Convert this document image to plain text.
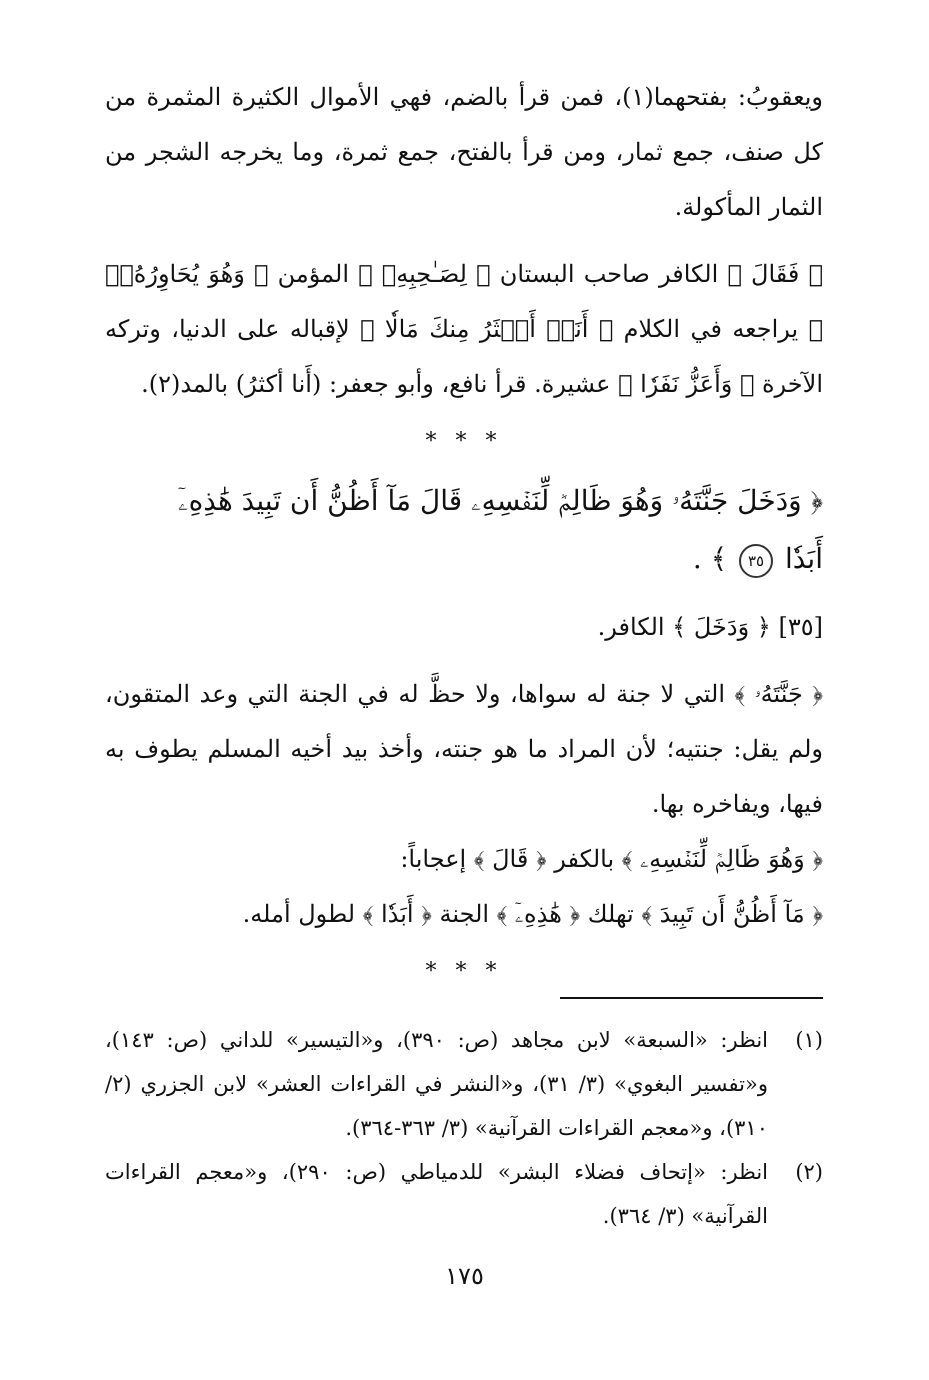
ويعقوبُ: بفتحهما(١)، فمن قرأ بالضم، فهي الأموال الكثيرة المثمرة من كل صنف، جمع ثمار، ومن قرأ بالفتح، جمع ثمرة، وما يخرجه الشجر من الثمار المأكولة.

﴿ فَقَالَ ﴾ الكافر صاحب البستان ﴿ لِصَـٰحِبِهِۦ ﴾ المؤمن ﴿ وَهُوَ يُحَاوِرُهُۥٓ ﴾ يراجعه في الكلام ﴿ أَنَا۠ أَكۡثَرُ مِنكَ مَالٗا ﴾ لإقباله على الدنيا، وتركه الآخرة ﴿ وَأَعَزُّ نَفَرٗا ﴾ عشيرة. قرأ نافع، وأبو جعفر: (أَنا أكثرُ) بالمد(٢).

* * *

﴿ وَدَخَلَ جَنَّتَهُۥ وَهُوَ ظَالِمٞ لِّنَفۡسِهِۦ قَالَ مَآ أَظُنُّ أَن تَبِيدَ هَٰذِهِۦٓ

أَبَدٗا ٣٥ ﴾ .

[٣٥] ﴿ وَدَخَلَ ﴾ الكافر.

﴿ جَنَّتَهُۥ ﴾ التي لا جنة له سواها، ولا حظَّ له في الجنة التي وعد المتقون، ولم يقل: جنتيه؛ لأن المراد ما هو جنته، وأخذ بيد أخيه المسلم يطوف به فيها، ويفاخره بها.

﴿ وَهُوَ ظَالِمٞ لِّنَفۡسِهِۦ ﴾ بالكفر ﴿ قَالَ ﴾ إعجاباً:

﴿ مَآ أَظُنُّ أَن تَبِيدَ ﴾ تهلك ﴿ هَٰذِهِۦٓ ﴾ الجنة ﴿ أَبَدٗا ﴾ لطول أمله.

* * *
(١)
انظر: «السبعة» لابن مجاهد (ص: ٣٩٠)، و«التيسير» للداني (ص: ١٤٣)، و«تفسير البغوي» (٣/ ٣١)، و«النشر في القراءات العشر» لابن الجزري (٢/ ٣١٠)، و«معجم القراءات القرآنية» (٣/ ٣٦٣-٣٦٤).
(٢)
انظر: «إتحاف فضلاء البشر» للدمياطي (ص: ٢٩٠)، و«معجم القراءات القرآنية» (٣/ ٣٦٤).
١٧٥
